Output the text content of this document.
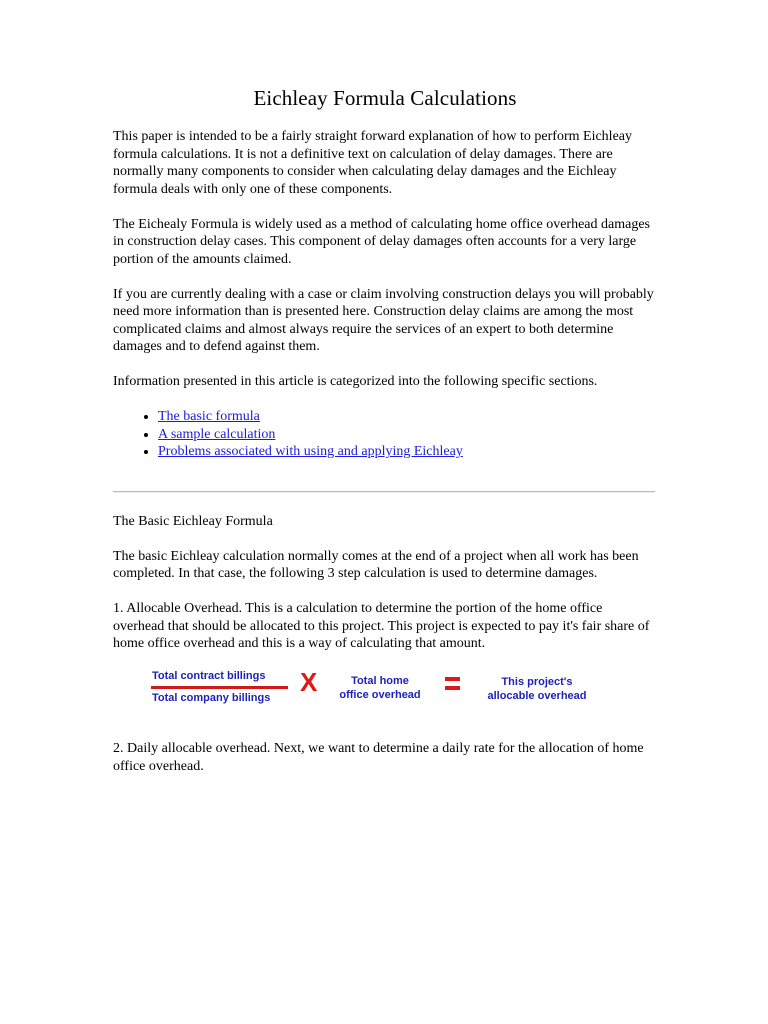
Eichleay Formula Calculations

This paper is intended to be a fairly straight forward explanation of how to perform Eichleay formula calculations. It is not a definitive text on calculation of delay damages. There are normally many components to consider when calculating delay damages and the Eichleay formula deals with only one of these components.

The Eichealy Formula is widely used as a method of calculating home office overhead damages in construction delay cases. This component of delay damages often accounts for a very large portion of the amounts claimed.

If you are currently dealing with a case or claim involving construction delays you will probably need more information than is presented here. Construction delay claims are among the most complicated claims and almost always require the services of an expert to both determine damages and to defend against them.

Information presented in this article is categorized into the following specific sections.

• The basic formula
• A sample calculation
• Problems associated with using and applying Eichleay

The Basic Eichleay Formula

The basic Eichleay calculation normally comes at the end of a project when all work has been completed. In that case, the following 3 step calculation is used to determine damages.

1. Allocable Overhead. This is a calculation to determine the portion of the home office overhead that should be allocated to this project. This project is expected to pay it's fair share of home office overhead and this is a way of calculating that amount.

Total contract billings
Total company billings
X	Total home
office overhead
This project's
allocable overhead

2. Daily allocable overhead. Next, we want to determine a daily rate for the allocation of home office overhead.
